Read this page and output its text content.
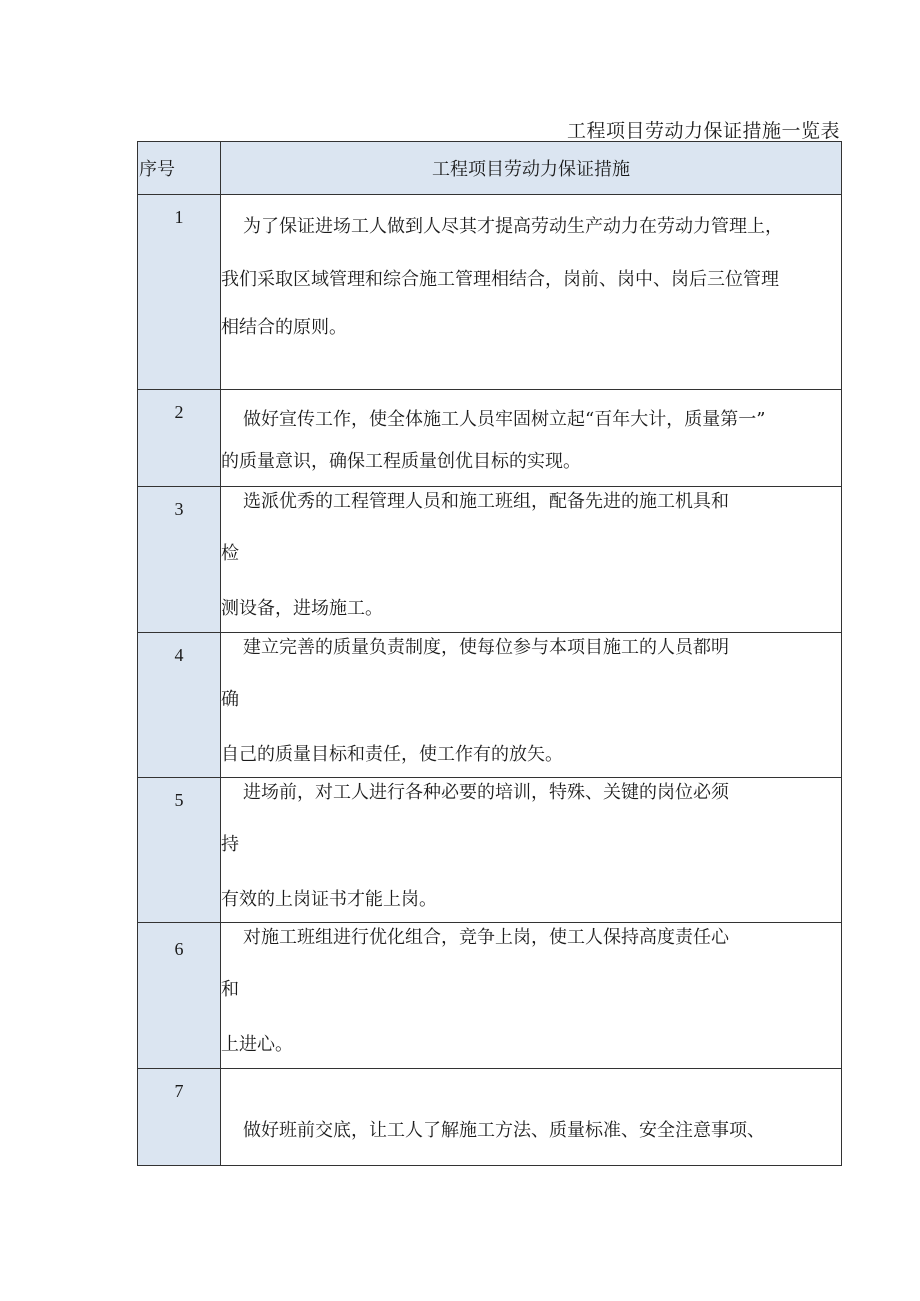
工程项目劳动力保证措施一览表
序号	工程项目劳动力保证措施

1	为了保证进场工人做到人尽其才提高劳动生产动力在劳动力管理上，
我们采取区域管理和综合施工管理相结合，岗前、岗中、岗后三位管理
相结合的原则。

2	做好宣传工作，使全体施工人员牢固树立起“百年大计，质量第一”
的质量意识，确保工程质量创优目标的实现。

3	选派优秀的工程管理人员和施工班组，配备先进的施工机具和
检
测设备，进场施工。

4	建立完善的质量负责制度，使每位参与本项目施工的人员都明
确
自己的质量目标和责任，使工作有的放矢。

5	进场前，对工人进行各种必要的培训，特殊、关键的岗位必须
持
有效的上岗证书才能上岗。

6	对施工班组进行优化组合，竞争上岗，使工人保持高度责任心
和
上进心。

7	做好班前交底，让工人了解施工方法、质量标准、安全注意事项、
